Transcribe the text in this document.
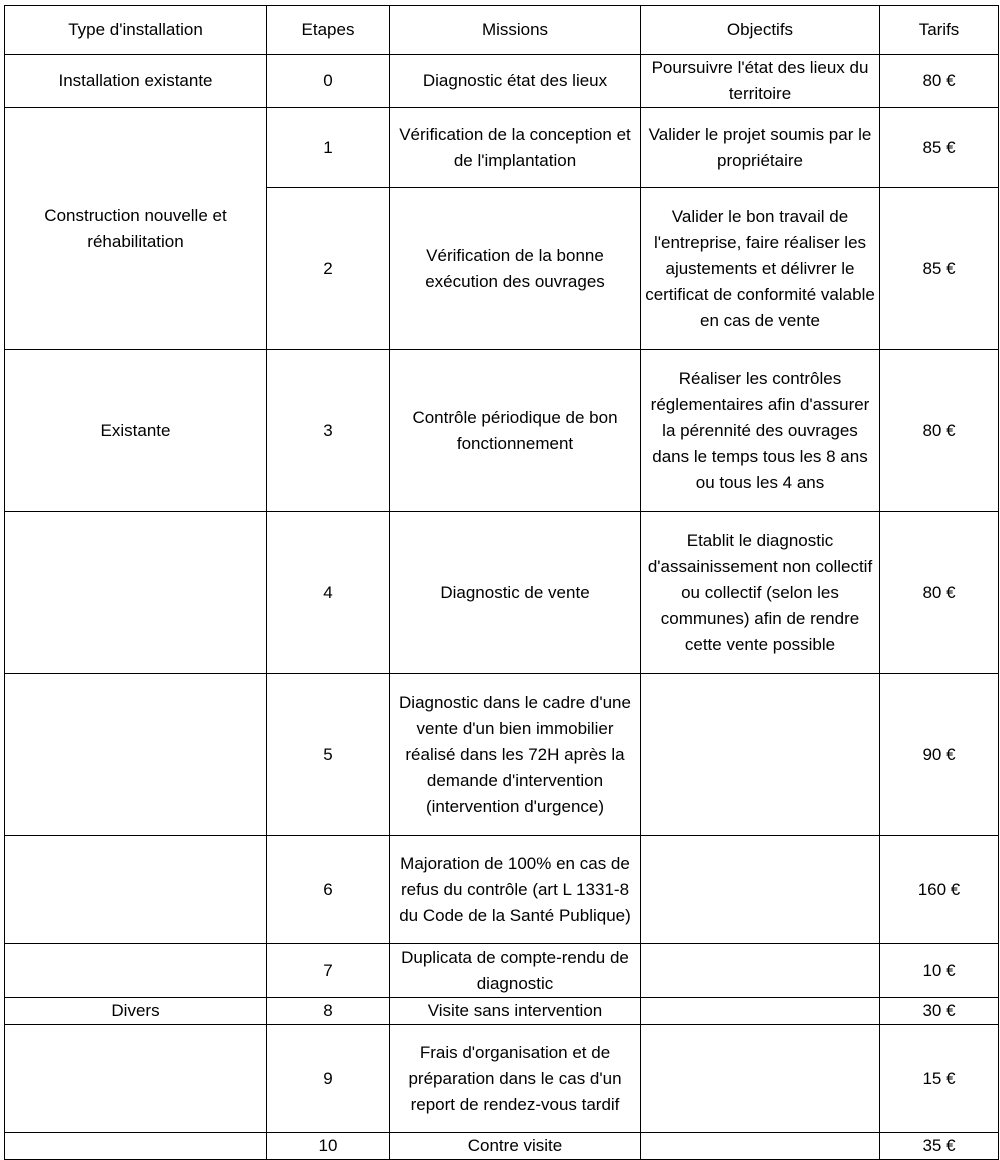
Type d'installation	Etapes	Missions	Objectifs	Tarifs
Installation existante	0	Diagnostic état des lieux	Poursuivre l'état des lieux du territoire	80 €
Construction nouvelle et réhabilitation	1	Vérification de la conception et de l'implantation	Valider le projet soumis par le propriétaire	85 €
	2	Vérification de la bonne exécution des ouvrages	Valider le bon travail de l'entreprise, faire réaliser les ajustements et délivrer le certificat de conformité valable en cas de vente	85 €
Existante	3	Contrôle périodique de bon fonctionnement	Réaliser les contrôles réglementaires afin d'assurer la pérennité des ouvrages dans le temps tous les 8 ans ou tous les 4 ans	80 €
	4	Diagnostic de vente	Etablit le diagnostic d'assainissement non collectif ou collectif (selon les communes) afin de rendre cette vente possible	80 €
	5	Diagnostic dans le cadre d'une vente d'un bien immobilier réalisé dans les 72H après la demande d'intervention (intervention d'urgence)		90 €
	6	Majoration de 100% en cas de refus du contrôle (art L 1331-8 du Code de la Santé Publique)		160 €
	7	Duplicata de compte-rendu de diagnostic		10 €
Divers	8	Visite sans intervention		30 €
	9	Frais d'organisation et de préparation dans le cas d'un report de rendez-vous tardif		15 €
	10	Contre visite		35 €
